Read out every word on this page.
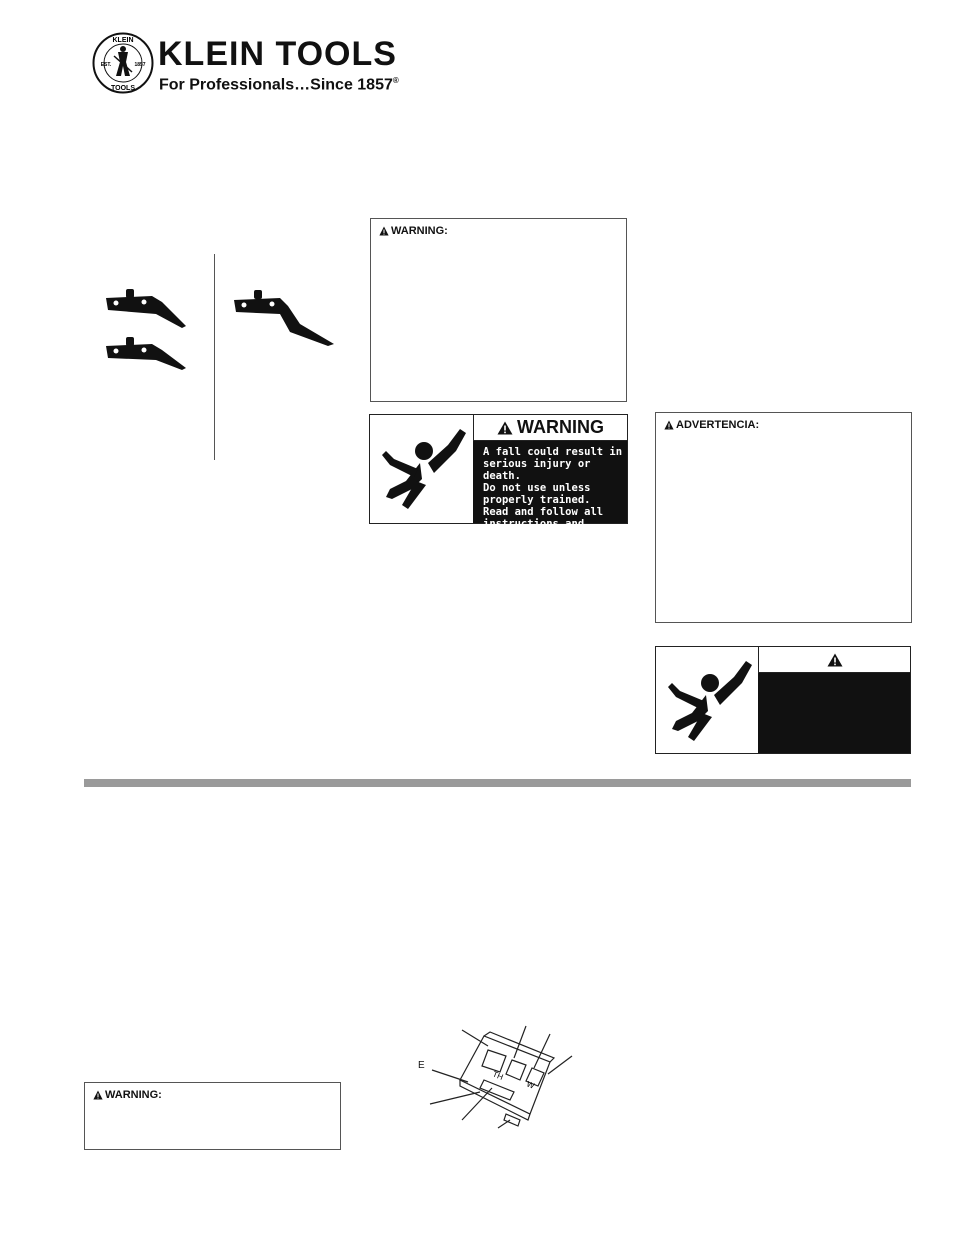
KLEIN
TOOLS
EST.	1857 KLEIN TOOLS
For Professionals…Since 1857®
WARNING:
WARNING
A fall could result in serious injury or death.
Do not use unless properly trained.
Read and follow all instructions and warnings.
ADVERTENCIA:
E
TH
W
WARNING:
